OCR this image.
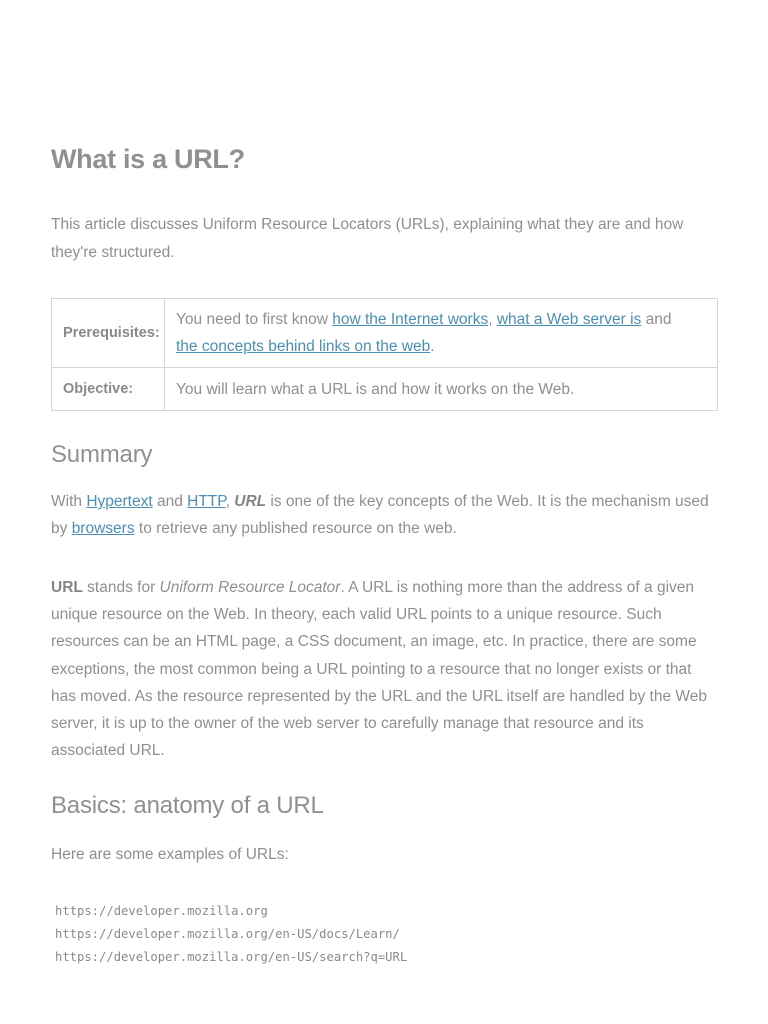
What is a URL?

This article discusses Uniform Resource Locators (URLs), explaining what they are and how they're structured.

Prerequisites:	You need to first know how the Internet works, what a Web server is and
the concepts behind links on the web.
Objective:	You will learn what a URL is and how it works on the Web.
Summary

With Hypertext and HTTP, URL is one of the key concepts of the Web. It is the mechanism used by browsers to retrieve any published resource on the web.

URL stands for Uniform Resource Locator. A URL is nothing more than the address of a given unique resource on the Web. In theory, each valid URL points to a unique resource. Such resources can be an HTML page, a CSS document, an image, etc. In practice, there are some exceptions, the most common being a URL pointing to a resource that no longer exists or that has moved. As the resource represented by the URL and the URL itself are handled by the Web server, it is up to the owner of the web server to carefully manage that resource and its associated URL.

Basics: anatomy of a URL

Here are some examples of URLs:

https://developer.mozilla.org
https://developer.mozilla.org/en-US/docs/Learn/
https://developer.mozilla.org/en-US/search?q=URL
